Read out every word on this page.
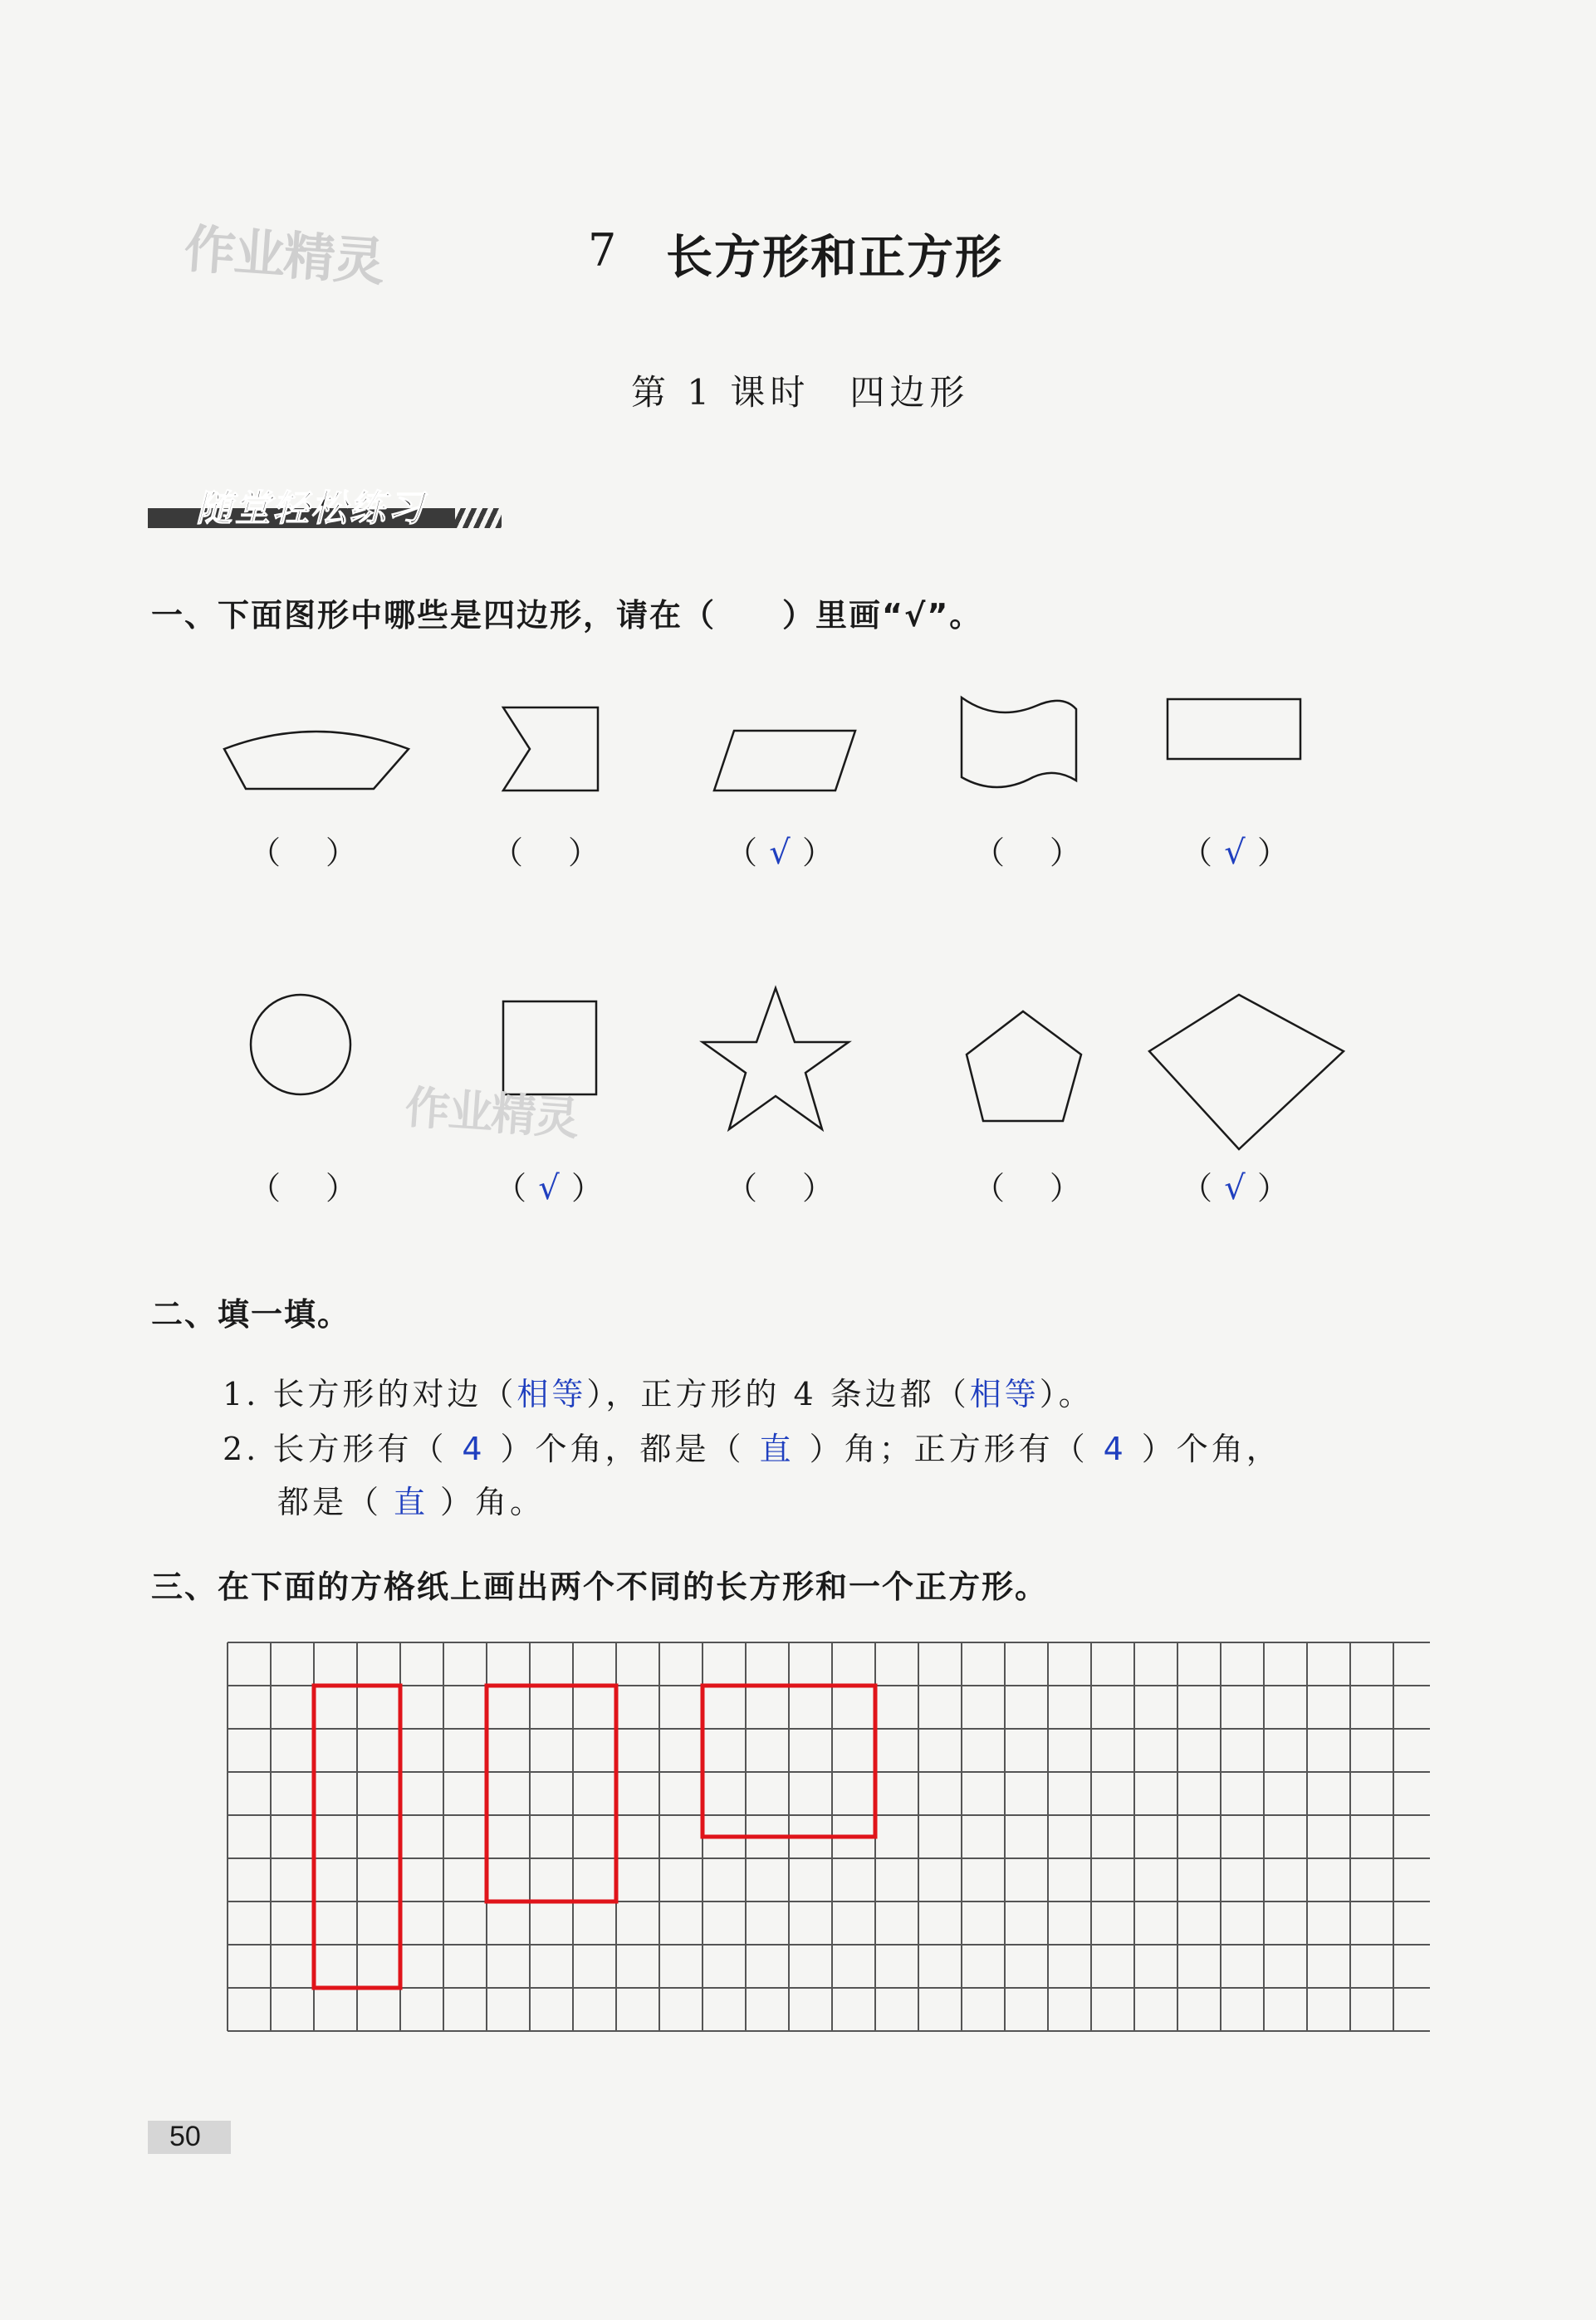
作业精灵	7 长方形和正方形
第 1 课时　四边形
随堂轻松练习
一、下面图形中哪些是四边形，请在（　　）里画“√”。
（ ）	（ ）	（ √ ）	（ ）	（ √ ）
（ ）	（ √ ）	（ ）	（ ）	（ √ ）
作业精灵
二、填一填。
1. 长方形的对边（相等），正方形的 4 条边都（相等）。
2. 长方形有（ 4 ）个角，都是（ 直 ）角；正方形有（ 4 ）个角，
都是（ 直 ）角。
三、在下面的方格纸上画出两个不同的长方形和一个正方形。
50
